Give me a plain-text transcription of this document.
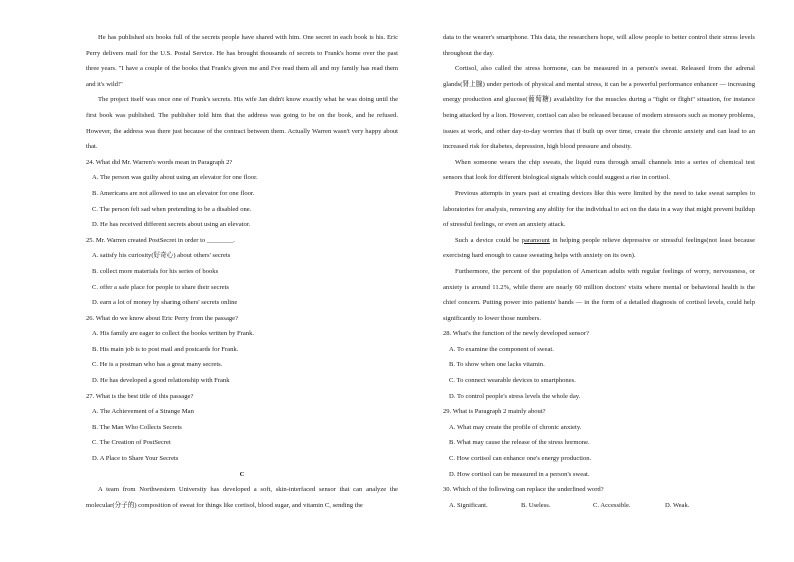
He has published six books full of the secrets people have shared with him. One secret in each book is his. Eric Perry delivers mail for the U.S. Postal Service. He has brought thousands of secrets to Frank's home over the past three years. "I have a couple of the books that Frank's given me and I've read them all and my family has read them and it's wild!"

The project itself was once one of Frank's secrets. His wife Jan didn't know exactly what he was doing until the first book was published. The publisher told him that the address was going to be on the book, and he refused. However, the address was there just because of the contract between them. Actually Warren wasn't very happy about that.

24. What did Mr. Warren's words mean in Paragraph 2?

A. The person was guilty about using an elevator for one floor.

B. Americans are not allowed to use an elevator for one floor.

C. The person felt sad when pretending to be a disabled one.

D. He has received different secrets about using an elevator.

25. Mr. Warren created PostSecret in order to ________.

A. satisfy his curiosity(好奇心) about others' secrets

B. collect more materials for his series of books

C. offer a safe place for people to share their secrets

D. earn a lot of money by sharing others' secrets online

26. What do we know about Eric Perry from the passage?

A. His family are eager to collect the books written by Frank.

B. His main job is to post mail and postcards for Frank.

C. He is a postman who has a great many secrets.

D. He has developed a good relationship with Frank

27. What is the best title of this passage?

A. The Achievement of a Strange Man

B. The Man Who Collects Secrets

C. The Creation of PostSecret

D. A Place to Share Your Secrets

C

A team from Northwestern University has developed a soft, skin-interfaced sensor that can analyze the molecular(分子的) composition of sweat for things like cortisol, blood sugar, and vitamin C, sending the

data to the wearer's smartphone. This data, the researchers hope, will allow people to better control their stress levels throughout the day.

Cortisol, also called the stress hormone, can be measured in a person's sweat. Released from the adrenal glands(肾上腺) under periods of physical and mental stress, it can be a powerful performance enhancer — increasing energy production and glucose(葡萄糖) availability for the muscles during a "fight or flight" situation, for instance being attacked by a lion. However, cortisol can also be released because of modern stressors such as money problems, issues at work, and other day-to-day worries that if built up over time, create the chronic anxiety and can lead to an increased risk for diabetes, depression, high blood pressure and obesity.

When someone wears the chip sweats, the liquid runs through small channels into a series of chemical test sensors that look for different biological signals which could suggest a rise in cortisol.

Previous attempts in years past at creating devices like this were limited by the need to take sweat samples to laboratories for analysis, removing any ability for the individual to act on the data in a way that might prevent buildup of stressful feelings, or even an anxiety attack.

Such a device could be paramount in helping people relieve depressive or stressful feelings(not least because exercising hard enough to cause sweating helps with anxiety on its own).

Furthermore, the percent of the population of American adults with regular feelings of worry, nervousness, or anxiety is around 11.2%, while there are nearly 60 million doctors' visits where mental or behavioral health is the chief concern. Putting power into patients' hands — in the form of a detailed diagnosis of cortisol levels, could help significantly to lower those numbers.

28. What's the function of the newly developed sensor?

A. To examine the component of sweat.

B. To show when one lacks vitamin.

C. To connect wearable devices to smartphones.

D. To control people's stress levels the whole day.

29. What is Paragraph 2 mainly about?

A. What may create the profile of chronic anxiety.

B. What may cause the release of the stress hormone.

C. How cortisol can enhance one's energy production.

D. How cortisol can be measured in a person's sweat.

30. Which of the following can replace the underlined word?

A. Significant.	B. Useless.	C. Accessible.	D. Weak.
